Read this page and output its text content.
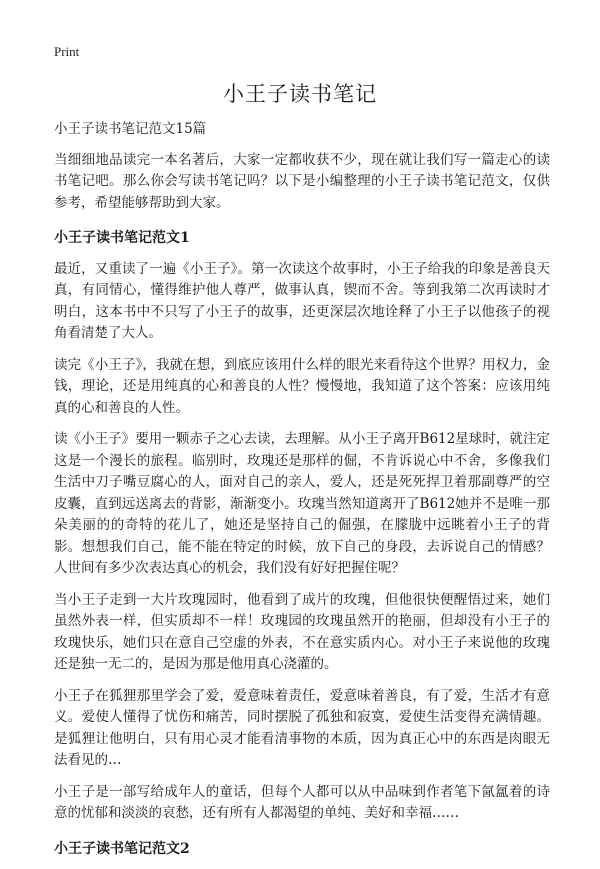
Print
小王子读书笔记

小王子读书笔记范文15篇

当细细地品读完一本名著后，大家一定都收获不少，现在就让我们写一篇走心的读书笔记吧。那么你会写读书笔记吗？以下是小编整理的小王子读书笔记范文，仅供参考，希望能够帮助到大家。

小王子读书笔记范文1

最近，又重读了一遍《小王子》。第一次读这个故事时，小王子给我的印象是善良天真，有同情心，懂得维护他人尊严，做事认真，锲而不舍。等到我第二次再读时才明白，这本书中不只写了小王子的故事，还更深层次地诠释了小王子以他孩子的视角看清楚了大人。

读完《小王子》，我就在想，到底应该用什么样的眼光来看待这个世界？用权力，金钱，理论，还是用纯真的心和善良的人性？慢慢地，我知道了这个答案：应该用纯真的心和善良的人性。

读《小王子》要用一颗赤子之心去读，去理解。从小王子离开B612星球时，就注定这是一个漫长的旅程。临别时，玫瑰还是那样的倔，不肯诉说心中不舍，多像我们生活中刀子嘴豆腐心的人，面对自己的亲人，爱人，还是死死捍卫着那副尊严的空皮囊，直到远送离去的背影，渐渐变小。玫瑰当然知道离开了B612她并不是唯一那朵美丽的的奇特的花儿了，她还是坚持自己的倔强，在朦胧中远眺着小王子的背影。想想我们自己，能不能在特定的时候，放下自己的身段，去诉说自己的情感？人世间有多少次表达真心的机会，我们没有好好把握住呢？

当小王子走到一大片玫瑰园时，他看到了成片的玫瑰，但他很快便醒悟过来，她们虽然外表一样，但实质却不一样！玫瑰园的玫瑰虽然开的艳丽，但却没有小王子的玫瑰快乐，她们只在意自己空虚的外表，不在意实质内心。对小王子来说他的玫瑰还是独一无二的，是因为那是他用真心浇灌的。

小王子在狐狸那里学会了爱，爱意味着责任，爱意味着善良，有了爱，生活才有意义。爱使人懂得了忧伤和痛苦，同时摆脱了孤独和寂寞，爱使生活变得充满情趣。是狐狸让他明白，只有用心灵才能看清事物的本质，因为真正心中的东西是肉眼无法看见的…

小王子是一部写给成年人的童话，但每个人都可以从中品味到作者笔下氤氲着的诗意的忧郁和淡淡的哀愁，还有所有人都渴望的单纯、美好和幸福……

小王子读书笔记范文2
